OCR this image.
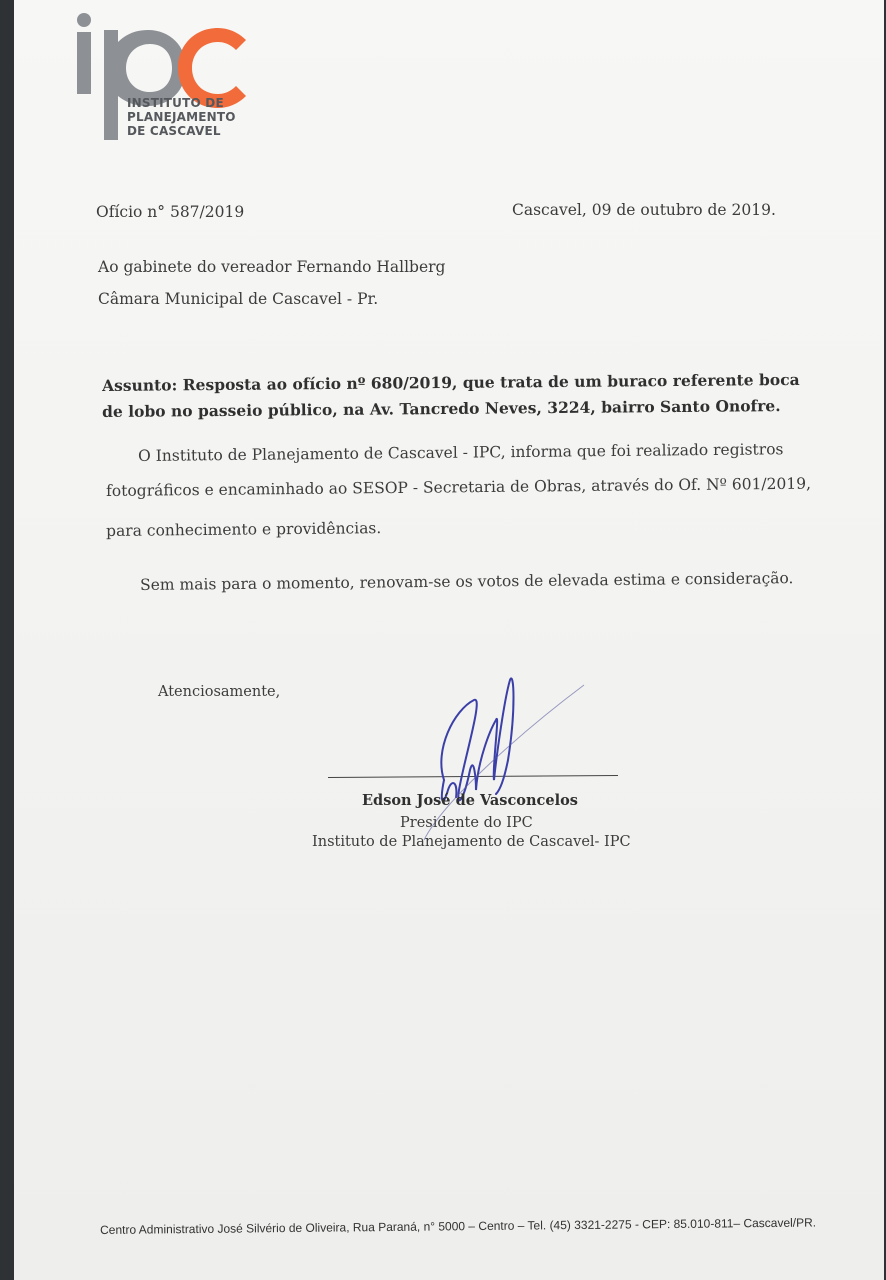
INSTITUTO DE
PLANEJAMENTO
DE CASCAVEL
Ofício n° 587/2019	Cascavel, 09 de outubro de 2019.
Ao gabinete do vereador Fernando Hallberg
Câmara Municipal de Cascavel - Pr.
Assunto: Resposta ao ofício nº 680/2019, que trata de um buraco referente boca
de lobo no passeio público, na Av. Tancredo Neves, 3224, bairro Santo Onofre.
O Instituto de Planejamento de Cascavel - IPC, informa que foi realizado registros
fotográficos e encaminhado ao SESOP - Secretaria de Obras, através do Of. Nº 601/2019,
para conhecimento e providências.
Sem mais para o momento, renovam-se os votos de elevada estima e consideração.
Atenciosamente,
Edson José de Vasconcelos
Presidente do IPC
Instituto de Planejamento de Cascavel- IPC
Centro Administrativo José Silvério de Oliveira, Rua Paraná, n° 5000 – Centro – Tel. (45) 3321-2275 - CEP: 85.010-811– Cascavel/PR.
